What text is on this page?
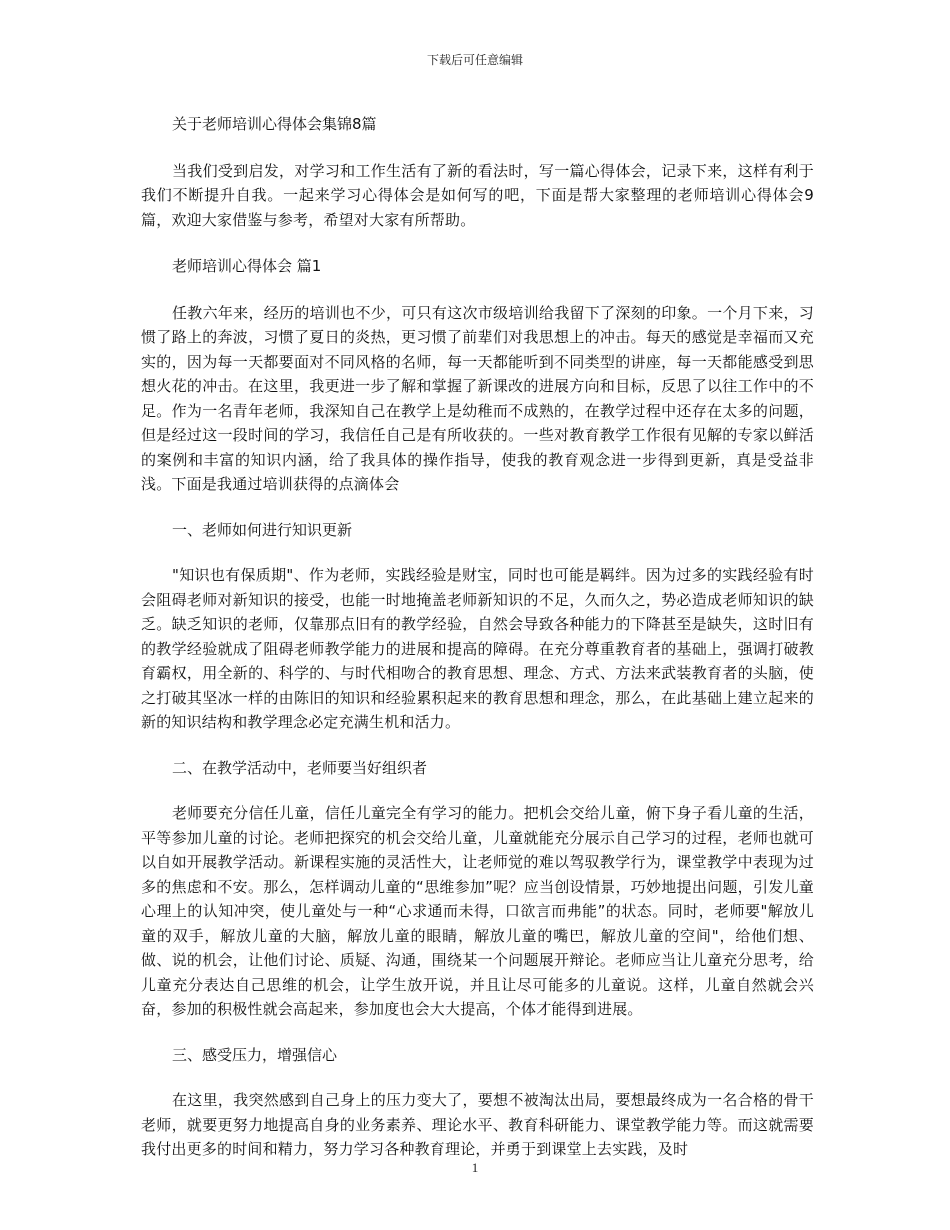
下载后可任意编辑

关于老师培训心得体会集锦8篇

当我们受到启发，对学习和工作生活有了新的看法时，写一篇心得体会，记录下来，这样有利于我们不断提升自我。一起来学习心得体会是如何写的吧，下面是帮大家整理的老师培训心得体会9篇，欢迎大家借鉴与参考，希望对大家有所帮助。

老师培训心得体会 篇1

任教六年来，经历的培训也不少，可只有这次市级培训给我留下了深刻的印象。一个月下来，习惯了路上的奔波，习惯了夏日的炎热，更习惯了前辈们对我思想上的冲击。每天的感觉是幸福而又充实的，因为每一天都要面对不同风格的名师，每一天都能听到不同类型的讲座，每一天都能感受到思想火花的冲击。在这里，我更进一步了解和掌握了新课改的进展方向和目标，反思了以往工作中的不足。作为一名青年老师，我深知自己在教学上是幼稚而不成熟的，在教学过程中还存在太多的问题，但是经过这一段时间的学习，我信任自己是有所收获的。一些对教育教学工作很有见解的专家以鲜活的案例和丰富的知识内涵，给了我具体的操作指导，使我的教育观念进一步得到更新，真是受益非浅。下面是我通过培训获得的点滴体会

一、老师如何进行知识更新

"知识也有保质期"、作为老师，实践经验是财宝，同时也可能是羁绊。因为过多的实践经验有时会阻碍老师对新知识的接受，也能一时地掩盖老师新知识的不足，久而久之，势必造成老师知识的缺乏。缺乏知识的老师，仅靠那点旧有的教学经验，自然会导致各种能力的下降甚至是缺失，这时旧有的教学经验就成了阻碍老师教学能力的进展和提高的障碍。在充分尊重教育者的基础上，强调打破教育霸权，用全新的、科学的、与时代相吻合的教育思想、理念、方式、方法来武装教育者的头脑，使之打破其坚冰一样的由陈旧的知识和经验累积起来的教育思想和理念，那么，在此基础上建立起来的新的知识结构和教学理念必定充满生机和活力。

二、在教学活动中，老师要当好组织者

老师要充分信任儿童，信任儿童完全有学习的能力。把机会交给儿童，俯下身子看儿童的生活，平等参加儿童的讨论。老师把探究的机会交给儿童，儿童就能充分展示自己学习的过程，老师也就可以自如开展教学活动。新课程实施的灵活性大，让老师觉的难以驾驭教学行为，课堂教学中表现为过多的焦虑和不安。那么，怎样调动儿童的“思维参加”呢？应当创设情景，巧妙地提出问题，引发儿童心理上的认知冲突，使儿童处与一种“心求通而未得，口欲言而弗能”的状态。同时，老师要"解放儿童的双手，解放儿童的大脑，解放儿童的眼睛，解放儿童的嘴巴，解放儿童的空间"，给他们想、做、说的机会，让他们讨论、质疑、沟通，围绕某一个问题展开辩论。老师应当让儿童充分思考，给儿童充分表达自己思维的机会，让学生放开说，并且让尽可能多的儿童说。这样，儿童自然就会兴奋，参加的积极性就会高起来，参加度也会大大提高，个体才能得到进展。

三、感受压力，增强信心

在这里，我突然感到自己身上的压力变大了，要想不被淘汰出局，要想最终成为一名合格的骨干老师，就要更努力地提高自身的业务素养、理论水平、教育科研能力、课堂教学能力等。而这就需要我付出更多的时间和精力，努力学习各种教育理论，并勇于到课堂上去实践，及时

1
